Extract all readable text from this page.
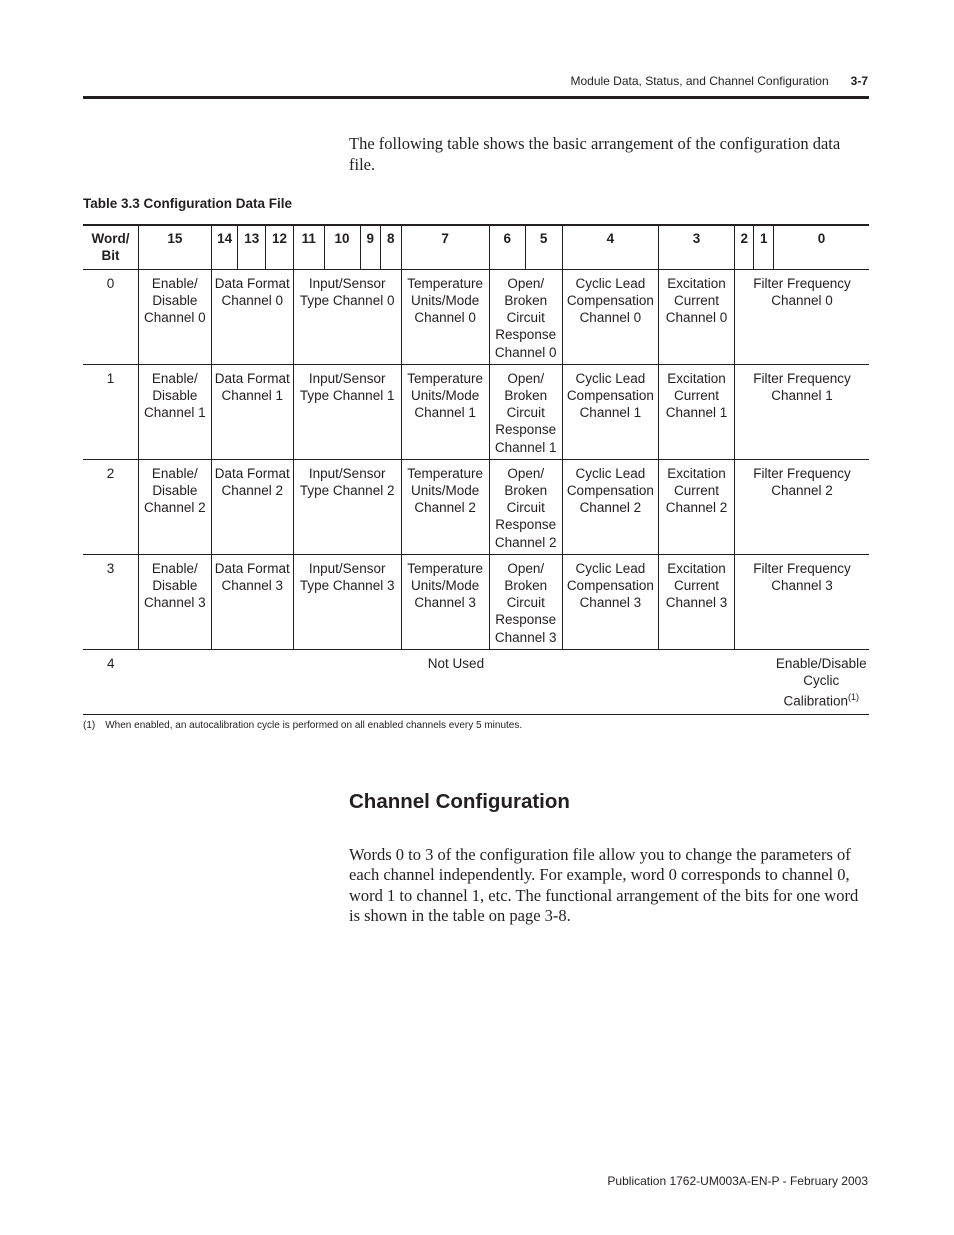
Module Data, Status, and Channel Configuration 3-7

The following table shows the basic arrangement of the configuration data file.

Table 3.3 Configuration Data File
Word/ Bit	15	14	13	12	11	10	9	8	7	6	5	4	3	2	1	0
0	Enable/ Disable Channel 0	Data Format Channel 0			Input/Sensor Type Channel 0				Temperature Units/Mode Channel 0	Open/ Broken Circuit Response Channel 0		Cyclic Lead Compensation Channel 0	Excitation Current Channel 0	Filter Frequency Channel 0		
1	Enable/ Disable Channel 1	Data Format Channel 1			Input/Sensor Type Channel 1				Temperature Units/Mode Channel 1	Open/ Broken Circuit Response Channel 1		Cyclic Lead Compensation Channel 1	Excitation Current Channel 1	Filter Frequency Channel 1		
2	Enable/ Disable Channel 2	Data Format Channel 2			Input/Sensor Type Channel 2				Temperature Units/Mode Channel 2	Open/ Broken Circuit Response Channel 2		Cyclic Lead Compensation Channel 2	Excitation Current Channel 2	Filter Frequency Channel 2		
3	Enable/ Disable Channel 3	Data Format Channel 3			Input/Sensor Type Channel 3				Temperature Units/Mode Channel 3	Open/ Broken Circuit Response Channel 3		Cyclic Lead Compensation Channel 3	Excitation Current Channel 3	Filter Frequency Channel 3		
4	Not Used															Enable/Disable Cyclic Calibration$^{(1)}$
(1) When enabled, an autocalibration cycle is performed on all enabled channels every 5 minutes.
Channel Configuration

Words 0 to 3 of the configuration file allow you to change the parameters of each channel independently. For example, word 0 corresponds to channel 0, word 1 to channel 1, etc. The functional arrangement of the bits for one word is shown in the table on page 3-8.

Publication 1762-UM003A-EN-P - February 2003
